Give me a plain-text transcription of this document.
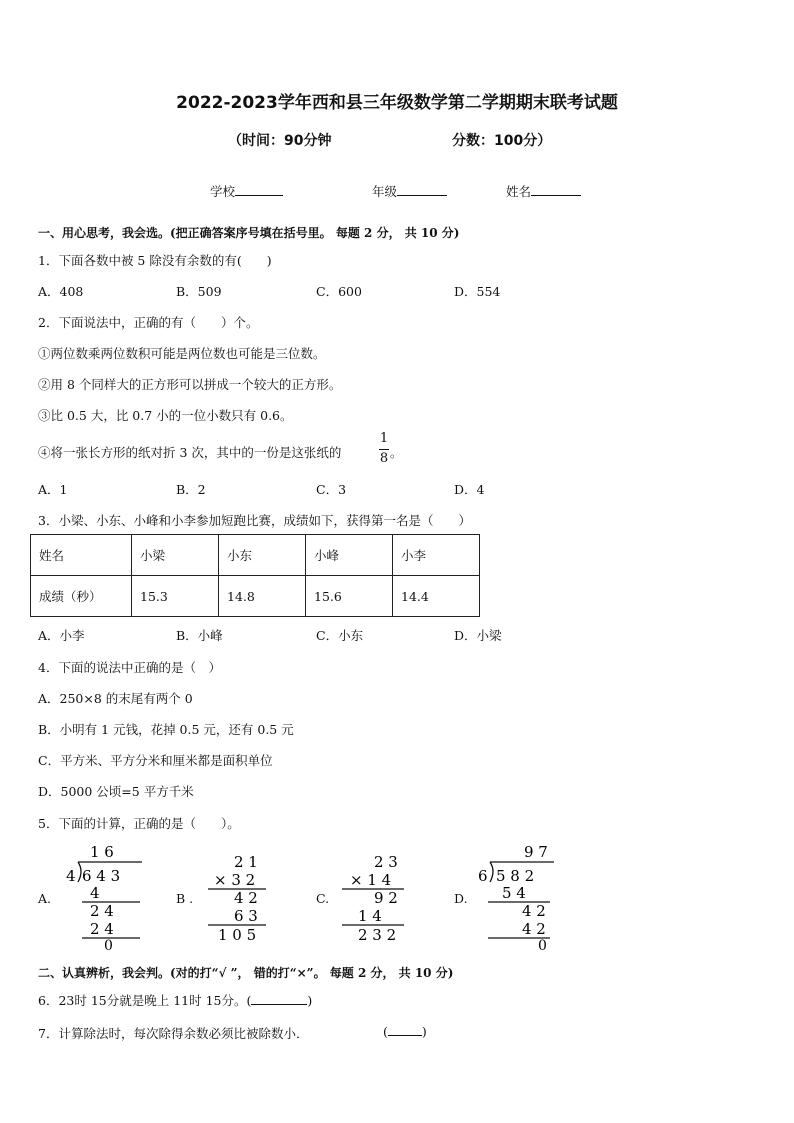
2022-2023学年西和县三年级数学第二学期期末联考试题
（时间：90分钟	分数：100分）
学校	年级	姓名
一、用心思考，我会选。(把正确答案序号填在括号里。 每题 2 分， 共 10 分)
1．下面各数中被 5 除没有余数的有(　　)
A．408	B．509	C．600	D．554
2．下面说法中，正确的有（　　）个。
①两位数乘两位数积可能是两位数也可能是三位数。
②用 8 个同样大的正方形可以拼成一个较大的正方形。
③比 0.5 大，比 0.7 小的一位小数只有 0.6。
④将一张长方形的纸对折 3 次，其中的一份是这张纸的
1
8 。
A．1	B．2	C．3	D．4
3．小梁、小东、小峰和小李参加短跑比赛，成绩如下，获得第一名是（　　）
姓名	小梁	小东	小峰	小李
成绩（秒）	15.3	14.8	15.6	14.4
A．小李	B．小峰	C．小东	D．小梁
4．下面的说法中正确的是（　）
A．250×8 的末尾有两个 0
B．小明有 1 元钱，花掉 0.5 元，还有 0.5 元
C．平方米、平方分米和厘米都是面积单位
D．5000 公顷=5 平方千米
5．下面的计算，正确的是（　　）。
A.	B .	C.	D.
1 6
4 6 4 3
4
2 4
2 4
0
2 1
× 3 2
4 2
6 3
1 0 5
2 3
× 1 4
9 2
1 4
2 3 2
9 7
6 5 8 2
5 4
4 2
4 2
0
二、认真辨析，我会判。(对的打“√ ”， 错的打“×”。 每题 2 分， 共 10 分)
6．23时 15分就是晚上 11时 15分。(	)
7．计算除法时，每次除得余数必须比被除数小．	(	)
